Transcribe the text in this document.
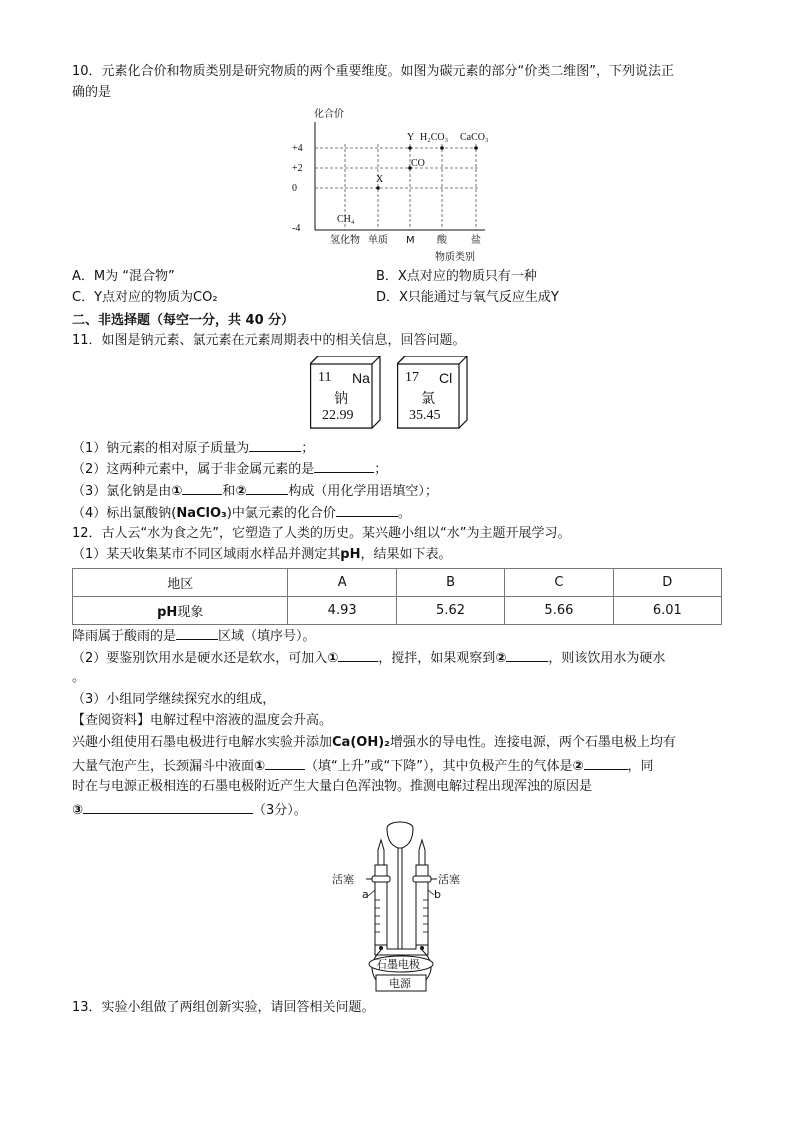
10．元素化合价和物质类别是研究物质的两个重要维度。如图为碳元素的部分“价类二维图”，下列说法正
确的是
化合价
+4
+2
0
-4
氢化物 单质 M 酸 盐
CH₄
X
CO
Y H₂CO₃ CaCO₃
物质类别
A．M为 “混合物”	B．X点对应的物质只有一种
C．Y点对应的物质为CO₂	D．X只能通过与氧气反应生成Y
二、非选择题（每空一分，共 40 分）
11．如图是钠元素、氯元素在元素周期表中的相关信息，回答问题。
11 Na
钠
22.99
17 Cl
氯
35.45
（1）钠元素的相对原子质量为	；
（2）这两种元素中，属于非金属元素的是	；
（3）氯化钠是由①	和②	构成（用化学用语填空）；
（4）标出氯酸钠(NaClO₃)中氯元素的化合价	。
12．古人云“水为食之先”，它塑造了人类的历史。某兴趣小组以“水”为主题开展学习。
（1）某天收集某市不同区域雨水样品并测定其pH，结果如下表。
地区	A	B	C	D
pH现象	4.93	5.62	5.66	6.01
降雨属于酸雨的是	区域（填序号）。
（2）要鉴别饮用水是硬水还是软水，可加入①	，搅拌，如果观察到②	，则该饮用水为硬水
。
（3）小组同学继续探究水的组成，
【查阅资料】电解过程中溶液的温度会升高。
兴趣小组使用石墨电极进行电解水实验并添加Ca(OH)₂增强水的导电性。连接电源，两个石墨电极上均有
大量气泡产生，长颈漏斗中液面①	（填“上升”或“下降”），其中负极产生的气体是②	，同
时在与电源正极相连的石墨电极附近产生大量白色浑浊物。推测电解过程出现浑浊的原因是
③	（3分）。
活塞	活塞
a	b
石墨电极
电源
13．实验小组做了两组创新实验，请回答相关问题。
